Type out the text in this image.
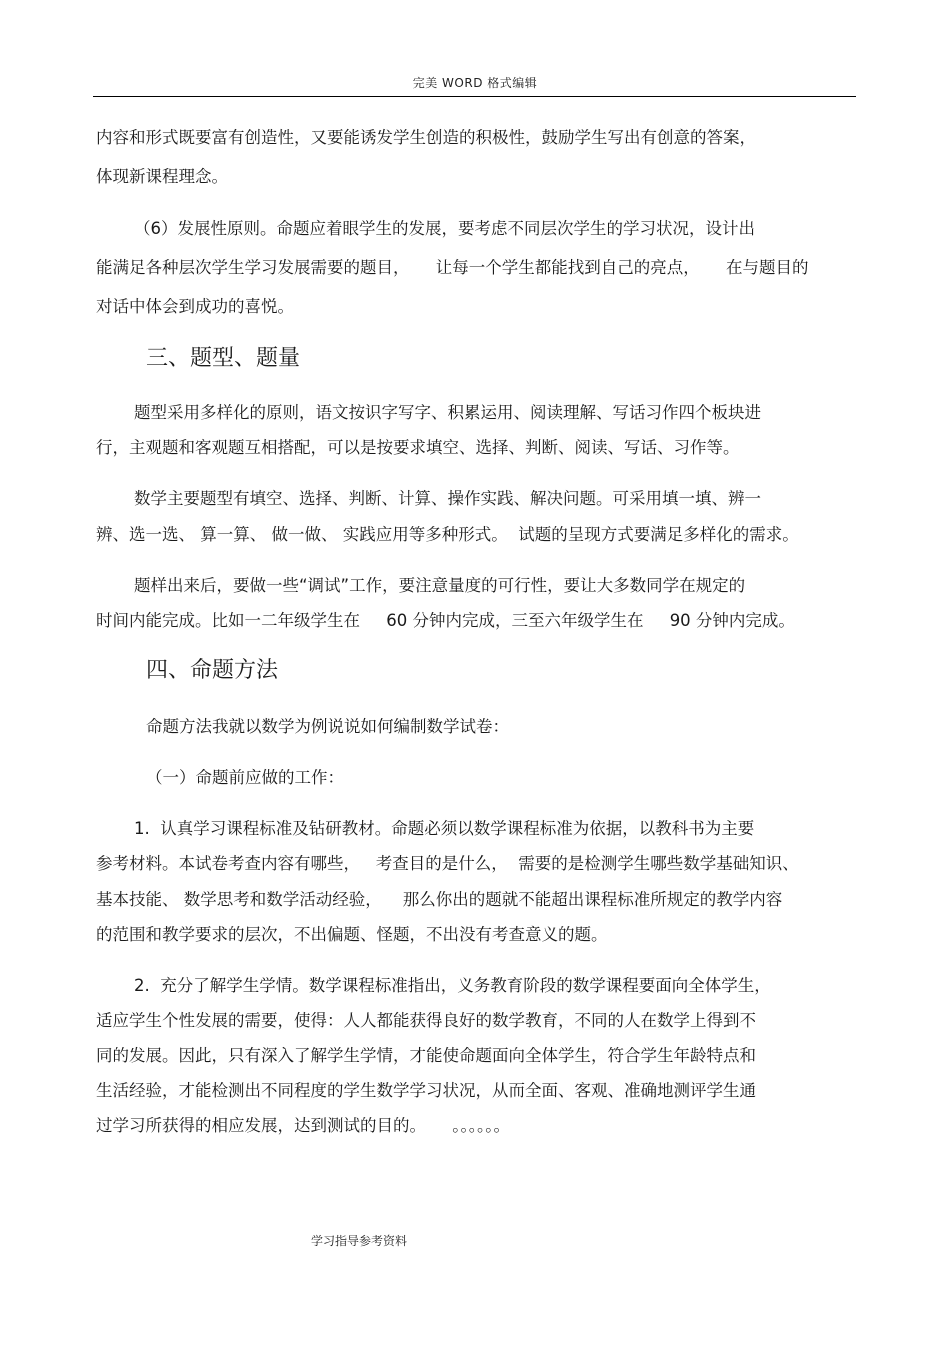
完美 WORD 格式编辑
内容和形式既要富有创造性，又要能诱发学生创造的积极性，鼓励学生写出有创意的答案，
体现新课程理念。
（6）发展性原则。命题应着眼学生的发展，要考虑不同层次学生的学习状况，设计出
能满足各种层次学生学习发展需要的题目，     让每一个学生都能找到自己的亮点，     在与题目的
对话中体会到成功的喜悦。
三、题型、题量
题型采用多样化的原则，语文按识字写字、积累运用、阅读理解、写话习作四个板块进
行，主观题和客观题互相搭配，可以是按要求填空、选择、判断、阅读、写话、习作等。
数学主要题型有填空、选择、判断、计算、操作实践、解决问题。可采用填一填、辨一
辨、选一选、 算一算、 做一做、 实践应用等多种形式。  试题的呈现方式要满足多样化的需求。
题样出来后，要做一些“调试”工作，要注意量度的可行性，要让大多数同学在规定的
时间内能完成。比如一二年级学生在     60 分钟内完成，三至六年级学生在     90 分钟内完成。
四、命题方法
命题方法我就以数学为例说说如何编制数学试卷：
（一）命题前应做的工作：
1.  认真学习课程标准及钻研教材。命题必须以数学课程标准为依据，以教科书为主要
参考材料。本试卷考查内容有哪些，   考查目的是什么，  需要的是检测学生哪些数学基础知识、
基本技能、 数学思考和数学活动经验，    那么你出的题就不能超出课程标准所规定的教学内容
的范围和教学要求的层次，不出偏题、怪题，不出没有考查意义的题。
2.  充分了解学生学情。数学课程标准指出，义务教育阶段的数学课程要面向全体学生，
适应学生个性发展的需要，使得：人人都能获得良好的数学教育，不同的人在数学上得到不
同的发展。因此，只有深入了解学生学情，才能使命题面向全体学生，符合学生年龄特点和
生活经验，才能检测出不同程度的学生数学学习状况，从而全面、客观、准确地测评学生通
过学习所获得的相应发展，达到测试的目的。     。。。。。。
学习指导参考资料
